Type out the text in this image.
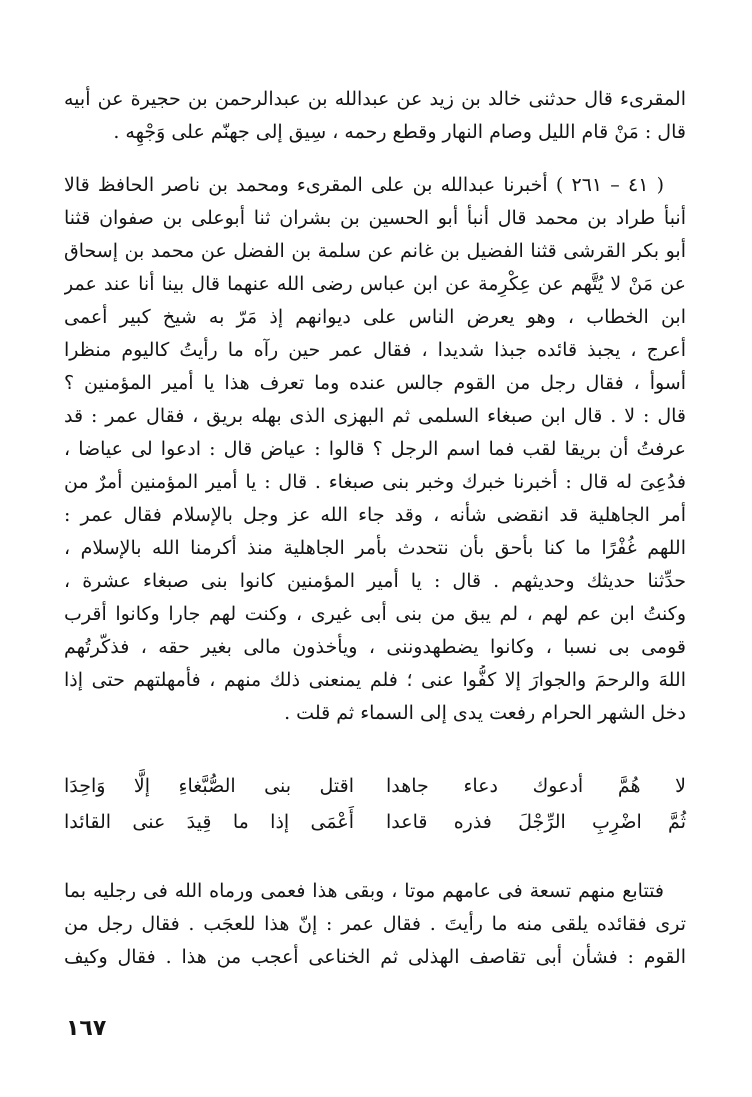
المقرىء قال حدثنى خالد بن زيد عن عبدالله بن عبدالرحمن بن حجيرة عن أبيه
قال : مَنْ قام الليل وصام النهار وقطع رحمه ، سِيق إلى جهنّم على وَجْهِه .
( ٤١ – ٢٦١ ) أخبرنا عبدالله بن على المقرىء ومحمد بن ناصر الحافظ قالا
أنبأ طراد بن محمد قال أنبأ أبو الحسين بن بشران ثنا أبوعلى بن صفوان قثنا
أبو بكر القرشى قثنا الفضيل بن غانم عن سلمة بن الفضل عن محمد بن إسحاق
عن مَنْ لا يُتَّهم عن عِكْرِمة عن ابن عباس رضى الله عنهما قال بينا أنا عند عمر
ابن الخطاب ، وهو يعرض الناس على ديوانهم إذ مَرّ به شيخ كبير أعمى
أعرج ، يجبذ قائده جبذا شديدا ، فقال عمر حين رآه ما رأيتُ كاليوم منظرا
أسوأ ، فقال رجل من القوم جالس عنده وما تعرف هذا يا أمير المؤمنين ؟
قال : لا . قال ابن صبغاء السلمى ثم البهزى الذى بهله بريق ، فقال عمر : قد
عرفتُ أن بريقا لقب فما اسم الرجل ؟ قالوا : عياض قال : ادعوا لى عياضا ،
فدُعِىَ له قال : أخبرنا خبرك وخبر بنى صبغاء . قال : يا أمير المؤمنين أمرٌ من
أمر الجاهلية قد انقضى شأنه ، وقد جاء الله عز وجل بالإسلام فقال عمر :
اللهم غُفْرًا ما كنا بأحق بأن نتحدث بأمر الجاهلية منذ أكرمنا الله بالإسلام ،
حدِّثنا حديثك وحديثهم . قال : يا أمير المؤمنين كانوا بنى صبغاء عشرة ،
وكنتُ ابن عم لهم ، لم يبق من بنى أبى غيرى ، وكنت لهم جارا وكانوا أقرب
قومى بى نسبا ، وكانوا يضطهدوننى ، ويأخذون مالى بغير حقه ، فذكّرتُهم
اللهَ والرحمَ والجوارَ إلا كفُّوا عنى ؛ فلم يمنعنى ذلك منهم ، فأمهلتهم حتى إذا
دخل الشهر الحرام رفعت يدى إلى السماء ثم قلت .
لا هُمَّ أدعوك دعاء جاهدا
اقتل بنى الصُّبَّغاءِ إلَّا وَاحِدَا
ثُمَّ اضْرِبِ الرِّجْلَ فذره قاعدا
أَعْمَى إذا ما قِيدَ عنى القائدا
فتتابع منهم تسعة فى عامهم موتا ، وبقى هذا فعمى ورماه الله فى رجليه بما
ترى فقائده يلقى منه ما رأيتَ . فقال عمر : إنّ هذا للعجَب . فقال رجل من
القوم : فشأن أبى تقاصف الهذلى ثم الخناعى أعجب من هذا . فقال وكيف
١٦٧
